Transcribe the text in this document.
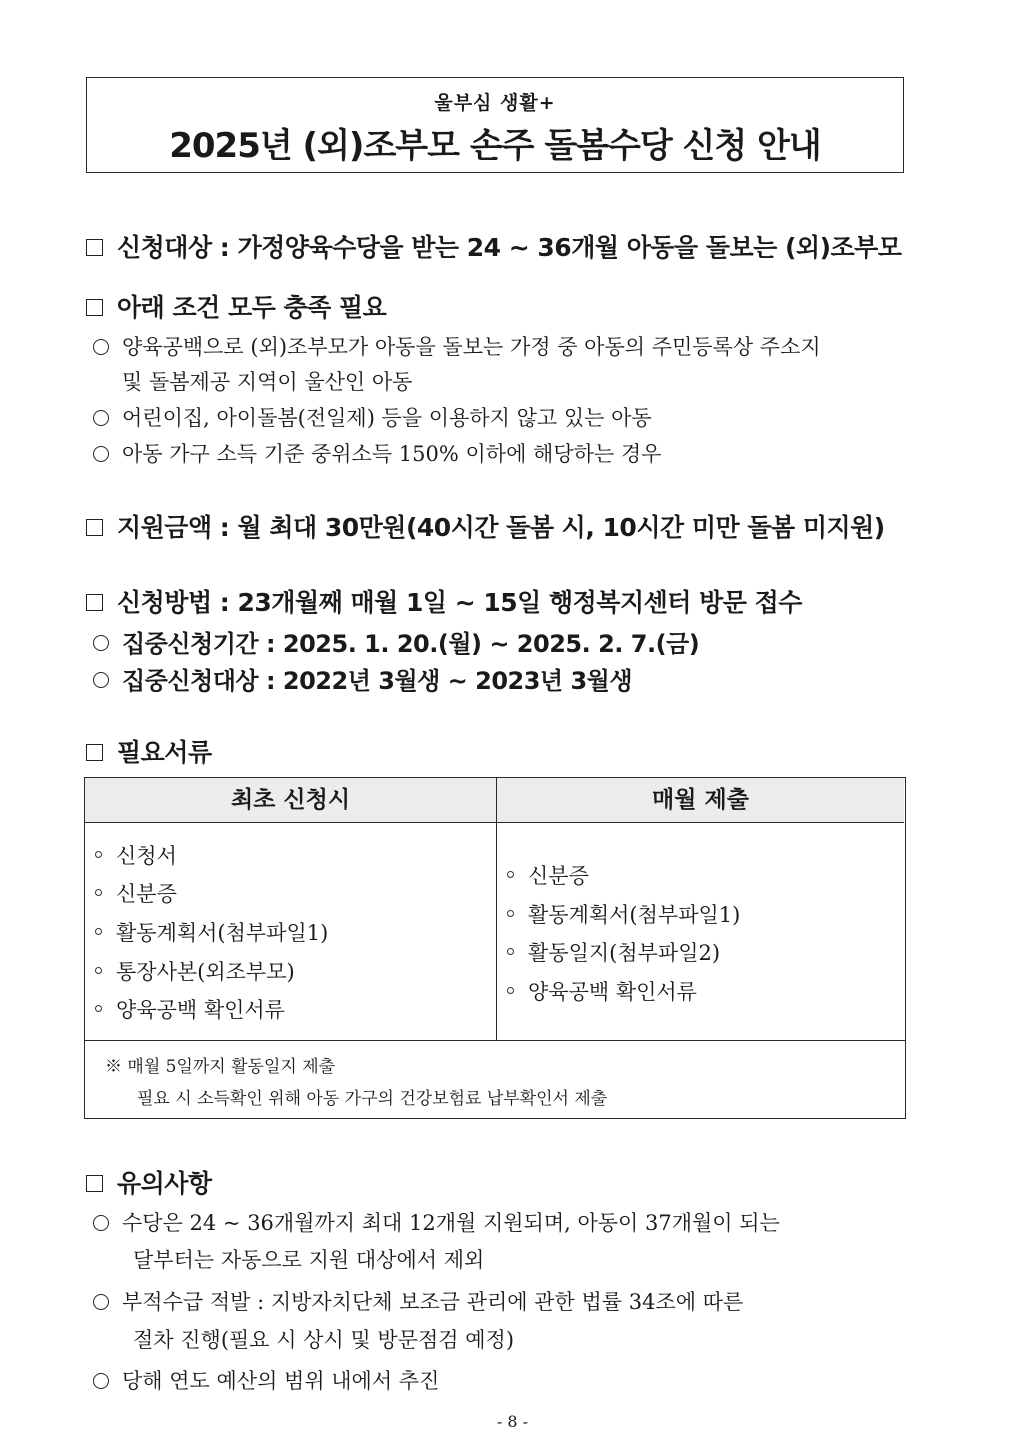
울부심 생활+
2025년 (외)조부모 손주 돌봄수당 신청 안내
신청대상 : 가정양육수당을 받는 24 ~ 36개월 아동을 돌보는 (외)조부모
아래 조건 모두 충족 필요
양육공백으로 (외)조부모가 아동을 돌보는 가정 중 아동의 주민등록상 주소지
및 돌봄제공 지역이 울산인 아동
어린이집, 아이돌봄(전일제) 등을 이용하지 않고 있는 아동
아동 가구 소득 기준 중위소득 150% 이하에 해당하는 경우
지원금액 : 월 최대 30만원(40시간 돌봄 시, 10시간 미만 돌봄 미지원)
신청방법 : 23개월째 매월 1일 ~ 15일 행정복지센터 방문 접수
집중신청기간 : 2025. 1. 20.(월) ~ 2025. 2. 7.(금)
집중신청대상 : 2022년 3월생 ~ 2023년 3월생
필요서류
최초 신청시	매월 제출
신청서
신분증
활동계획서(첨부파일1)
통장사본(외조부모)
양육공백 확인서류
신분증
활동계획서(첨부파일1)
활동일지(첨부파일2)
양육공백 확인서류
※ 매월 5일까지 활동일지 제출
필요 시 소득확인 위해 아동 가구의 건강보험료 납부확인서 제출
유의사항
수당은 24 ~ 36개월까지 최대 12개월 지원되며, 아동이 37개월이 되는
달부터는 자동으로 지원 대상에서 제외
부적수급 적발 : 지방자치단체 보조금 관리에 관한 법률 34조에 따른
절차 진행(필요 시 상시 및 방문점검 예정)
당해 연도 예산의 범위 내에서 추진
- 8 -
